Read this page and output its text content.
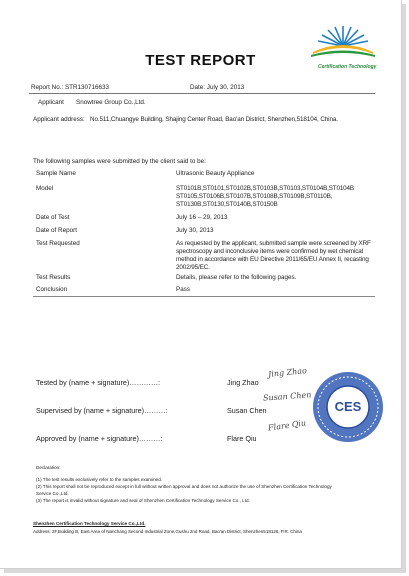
Certification Technology
TEST REPORT
Report No.: STR130716633	Date: July 30, 2013
Applicant Snowtree Group Co.,Ltd.
Applicant address: No.511,Chuangye Building, Shajing Center Road, Bao'an District, Shenzhen,518104, China.
The following samples were submitted by the client said to be:
Sample Name	Ultrasonic Beauty Appliance
Model	ST0101B,ST0101,ST0102B,ST0103B,ST0103,ST0104B,ST0104B ST0105,ST0106B,ST0107B,ST0108B,ST0109B,ST0110B, ST0130B,ST0130,ST0140B,ST0150B
Date of Test	July 16 – 29, 2013
Date of Report	July 30, 2013
Test Requested	As requested by the applicant, submitted sample were screened by XRF spectroscopy and inconclusive items were confirmed by wet chemical method in accordance with EU Directive 2011/65/EU Annex II, recasting 2002/95/EC.
Test Results	Details, please refer to the following pages.
Conclusion	Pass
Jing Zhao
Susan Chen
Flare Qiu
Tested by (name + signature)…………:	Jing Zhao
Supervised by (name + signature)………:	Susan Chen
Approved by (name + signature)………:	Flare Qiu
CES
Declaration:
(1) The test results exclusively refer to the samples examined.
(2) This report shall not be reproduced except in full without written approval and does not authorize the use of Shenzhen Certification Technology Service Co.,Ltd.
(3) The report is invalid without signature and seal of Shenzhen Certification Technology Service Co., Ltd.
Shenzhen Certification Technology Service Co.,Ltd.
Address: 2F,Building B, East Area of Nanchang Second Industrial Zone,Gushu 2nd Road, Bao'an District, Shenzhen518126, P.R. China
